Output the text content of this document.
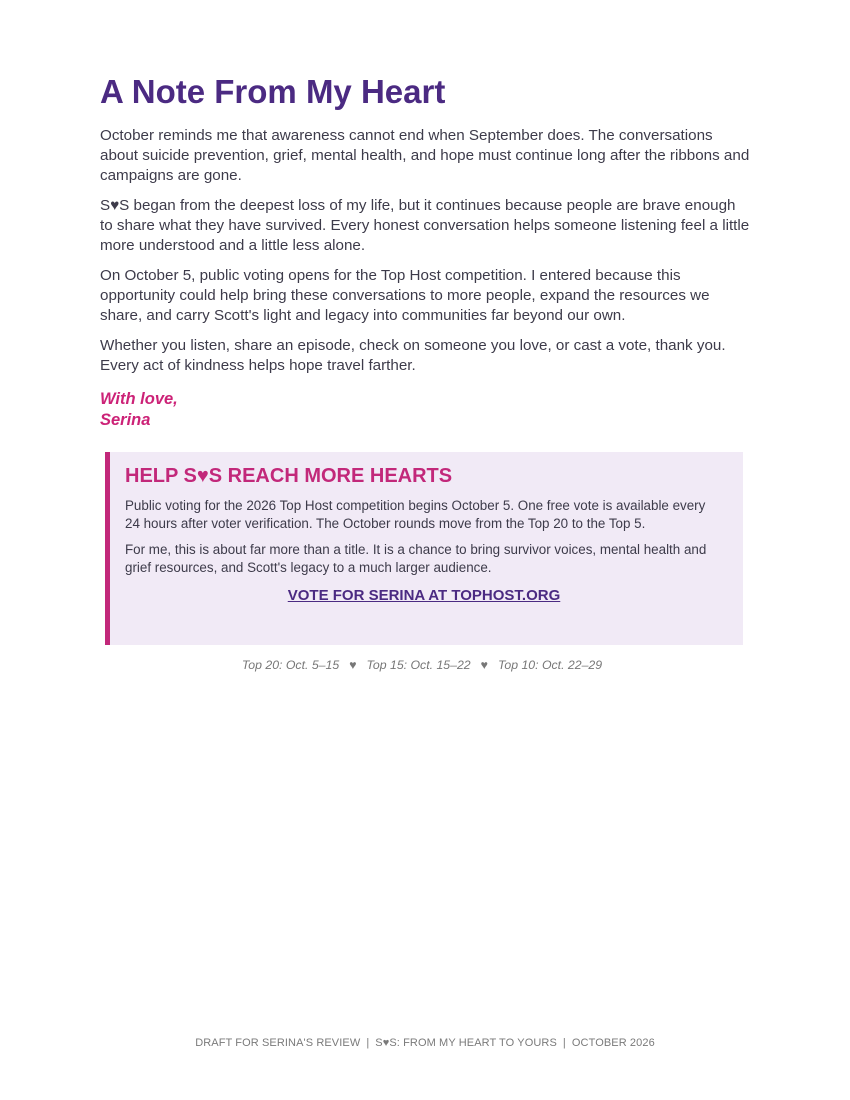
A Note From My Heart

October reminds me that awareness cannot end when September does. The conversations about suicide prevention, grief, mental health, and hope must continue long after the ribbons and campaigns are gone.

S♥S began from the deepest loss of my life, but it continues because people are brave enough to share what they have survived. Every honest conversation helps someone listening feel a little more understood and a little less alone.

On October 5, public voting opens for the Top Host competition. I entered because this opportunity could help bring these conversations to more people, expand the resources we share, and carry Scott's light and legacy into communities far beyond our own.

Whether you listen, share an episode, check on someone you love, or cast a vote, thank you. Every act of kindness helps hope travel farther.

With love,
Serina
HELP S♥S REACH MORE HEARTS

Public voting for the 2026 Top Host competition begins October 5. One free vote is available every 24 hours after voter verification. The October rounds move from the Top 20 to the Top 5.

For me, this is about far more than a title. It is a chance to bring survivor voices, mental health and grief resources, and Scott's legacy to a much larger audience.

VOTE FOR SERINA AT TOPHOST.ORG
Top 20: Oct. 5–15 ♥ Top 15: Oct. 15–22 ♥ Top 10: Oct. 22–29
DRAFT FOR SERINA'S REVIEW | S♥S: FROM MY HEART TO YOURS | OCTOBER 2026
